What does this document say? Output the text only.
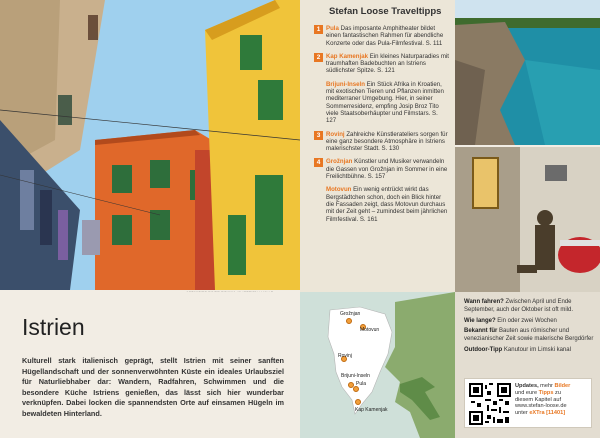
Stefan Loose Traveltipps
1 Pula Das imposante Amphitheater bildet einen fantastischen Rahmen für abendliche Konzerte oder das Pula-Filmfestival. S. 111
2 Kap Kamenjak Ein kleines Naturparadies mit traumhaften Badebuchten an Istriens südlichster Spitze. S. 121
Brijuni-Inseln Ein Stück Afrika in Kroatien, mit exotischen Tieren und Pflanzen inmitten mediterraner Umgebung. Hier, in seiner Sommerresidenz, empfing Josip Broz Tito viele Staatsoberhäupter und Filmstars. S. 127
3 Rovinj Zahlreiche Künstlerateliers sorgen für eine ganz besondere Atmosphäre in Istriens malerischster Stadt. S. 130
4 Grožnjan Künstler und Musiker verwandeln die Gassen von Grožnjan im Sommer in eine Freilichtbühne. S. 157
Motovun Ein wenig entrückt wirkt das Bergstädtchen schon, doch ein Blick hinter die Fassaden zeigt, dass Motovun durchaus mit der Zeit geht – zumindest beim jährlichen Filmfestival. S. 161
Istrien

Kulturell stark italienisch geprägt, stellt Istrien mit seiner sanften Hügellandschaft und der sonnenverwöhnten Küste ein ideales Urlaubsziel für Naturliebhaber dar: Wandern, Radfahren, Schwimmen und die besondere Küche Istriens genießen, das lässt sich hier wunderbar verknüpfen. Dabei locken die spannendsten Orte auf einsamen Hügeln im bewaldeten Hinterland.

Grožnjan
Motovun
Rovinj
Brijuni-Inseln
Pula
Kap Kamenjak
Wann fahren? Zwischen April und Ende September, auch der Oktober ist oft mild.
Wie lange? Ein oder zwei Wochen
Bekannt für Bauten aus römischer und venezianischer Zeit sowie malerische Bergdörfer
Outdoor-Tipp Kanutour im Limski kanal
Updates, mehr Bilder
und eure Tipps zu
diesem Kapitel auf
www.stefan-loose.de
unter eXTra [11401]
